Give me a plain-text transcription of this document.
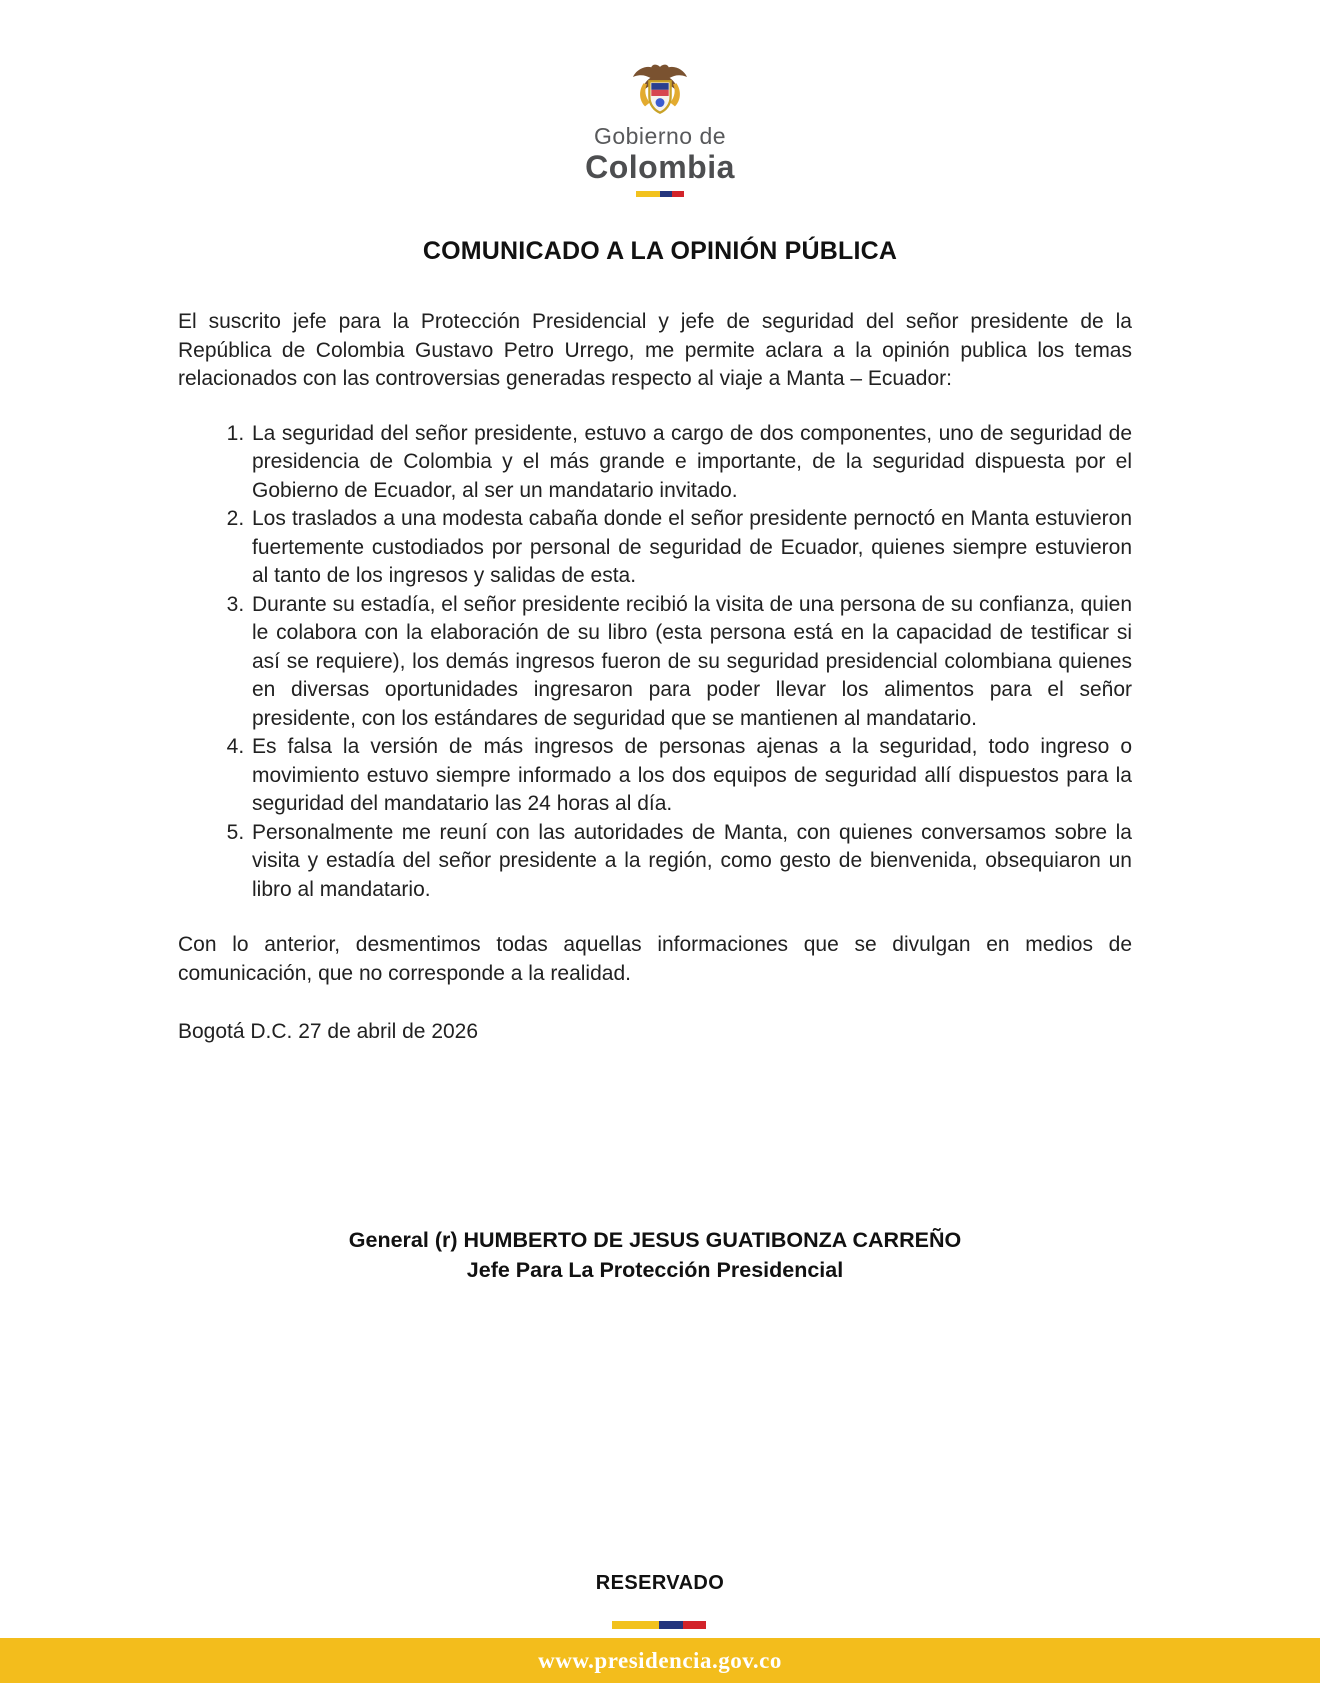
Gobierno de
Colombia
COMUNICADO A LA OPINIÓN PÚBLICA

El suscrito jefe para la Protección Presidencial y jefe de seguridad del señor presidente de la República de Colombia Gustavo Petro Urrego, me permite aclara a la opinión publica los temas relacionados con las controversias generadas respecto al viaje a Manta – Ecuador:

1. La seguridad del señor presidente, estuvo a cargo de dos componentes, uno de seguridad de presidencia de Colombia y el más grande e importante, de la seguridad dispuesta por el Gobierno de Ecuador, al ser un mandatario invitado.
2. Los traslados a una modesta cabaña donde el señor presidente pernoctó en Manta estuvieron fuertemente custodiados por personal de seguridad de Ecuador, quienes siempre estuvieron al tanto de los ingresos y salidas de esta.
3. Durante su estadía, el señor presidente recibió la visita de una persona de su confianza, quien le colabora con la elaboración de su libro (esta persona está en la capacidad de testificar si así se requiere), los demás ingresos fueron de su seguridad presidencial colombiana quienes en diversas oportunidades ingresaron para poder llevar los alimentos para el señor presidente, con los estándares de seguridad que se mantienen al mandatario.
4. Es falsa la versión de más ingresos de personas ajenas a la seguridad, todo ingreso o movimiento estuvo siempre informado a los dos equipos de seguridad allí dispuestos para la seguridad del mandatario las 24 horas al día.
5. Personalmente me reuní con las autoridades de Manta, con quienes conversamos sobre la visita y estadía del señor presidente a la región, como gesto de bienvenida, obsequiaron un libro al mandatario.

Con lo anterior, desmentimos todas aquellas informaciones que se divulgan en medios de comunicación, que no corresponde a la realidad.

Bogotá D.C. 27 de abril de 2026

General (r) HUMBERTO DE JESUS GUATIBONZA CARREÑO
Jefe Para La Protección Presidencial
RESERVADO
www.presidencia.gov.co
